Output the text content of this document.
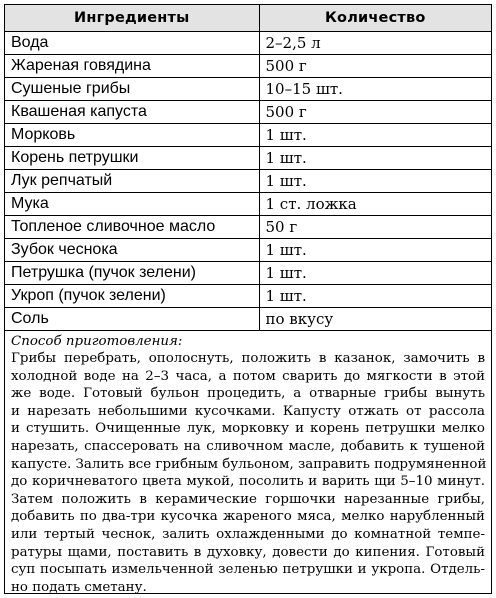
Ингредиенты	Количество
Вода	2–2,5 л
Жареная говядина	500 г
Сушеные грибы	10–15 шт.
Квашеная капуста	500 г
Морковь	1 шт.
Корень петрушки	1 шт.
Лук репчатый	1 шт.
Мука	1 ст. ложка
Топленое сливочное масло	50 г
Зубок чеснока	1 шт.
Петрушка (пучок зелени)	1 шт.
Укроп (пучок зелени)	1 шт.
Соль	по вкусу
Способ приготовления:
Грибы перебрать, ополоснуть, положить в казанок, замочить в
холодной воде на 2–3 часа, а потом сварить до мягкости в этой
же воде. Готовый бульон процедить, а отварные грибы вынуть
и нарезать небольшими кусочками. Капусту отжать от рассола
и стушить. Очищенные лук, морковку и корень петрушки мелко
нарезать, спассеровать на сливочном масле, добавить к тушеной
капусте. Залить все грибным бульоном, заправить подрумяненной
до коричневатого цвета мукой, посолить и варить щи 5–10 минут.
Затем положить в керамические горшочки нарезанные грибы,
добавить по два-три кусочка жареного мяса, мелко нарубленный
или тертый чеснок, залить охлажденными до комнатной темпе-
ратуры щами, поставить в духовку, довести до кипения. Готовый
суп посыпать измельченной зеленью петрушки и укропа. Отдель-
но подать сметану.
